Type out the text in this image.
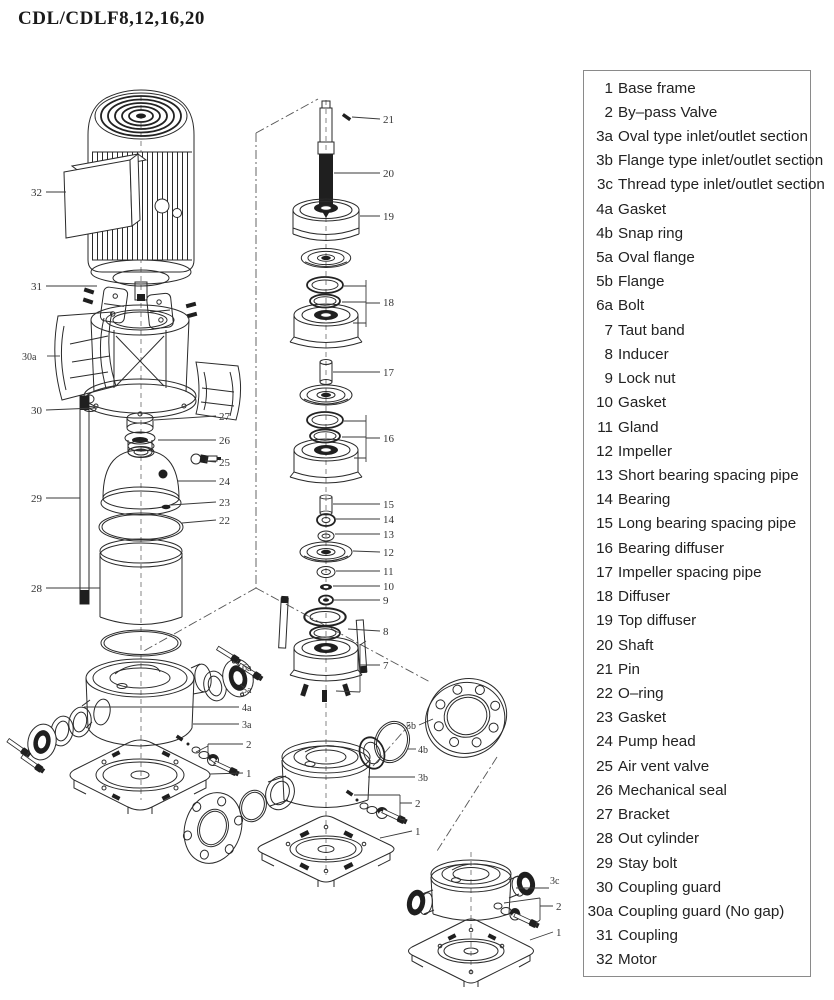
CDL/CDLF8,12,16,20
1 Base frame
2 By–pass Valve
3a Oval type inlet/outlet section
3b Flange type inlet/outlet section
3c Thread type inlet/outlet section
4a Gasket
4b Snap ring
5a Oval flange
5b Flange
6a Bolt
7 Taut band
8 Inducer
9 Lock nut
10 Gasket
11 Gland
12 Impeller
13 Short bearing spacing pipe
14 Bearing
15 Long bearing spacing pipe
16 Bearing diffuser
17 Impeller spacing pipe
18 Diffuser
19 Top diffuser
20 Shaft
21 Pin
22 O–ring
23 Gasket
24 Pump head
25 Air vent valve
26 Mechanical seal
27 Bracket
28 Out cylinder
29 Stay bolt
30 Coupling guard
30a Coupling guard (No gap)
31 Coupling
32 Motor
32
31
30a
30
29
28
27
26
25
24
23
22
6a
5a
4a
3a
2
1
21
20
19
18
17
16
15
14
13
12
11
10
9
8
7
5b
4b
3b
2
1
3c
2
1
